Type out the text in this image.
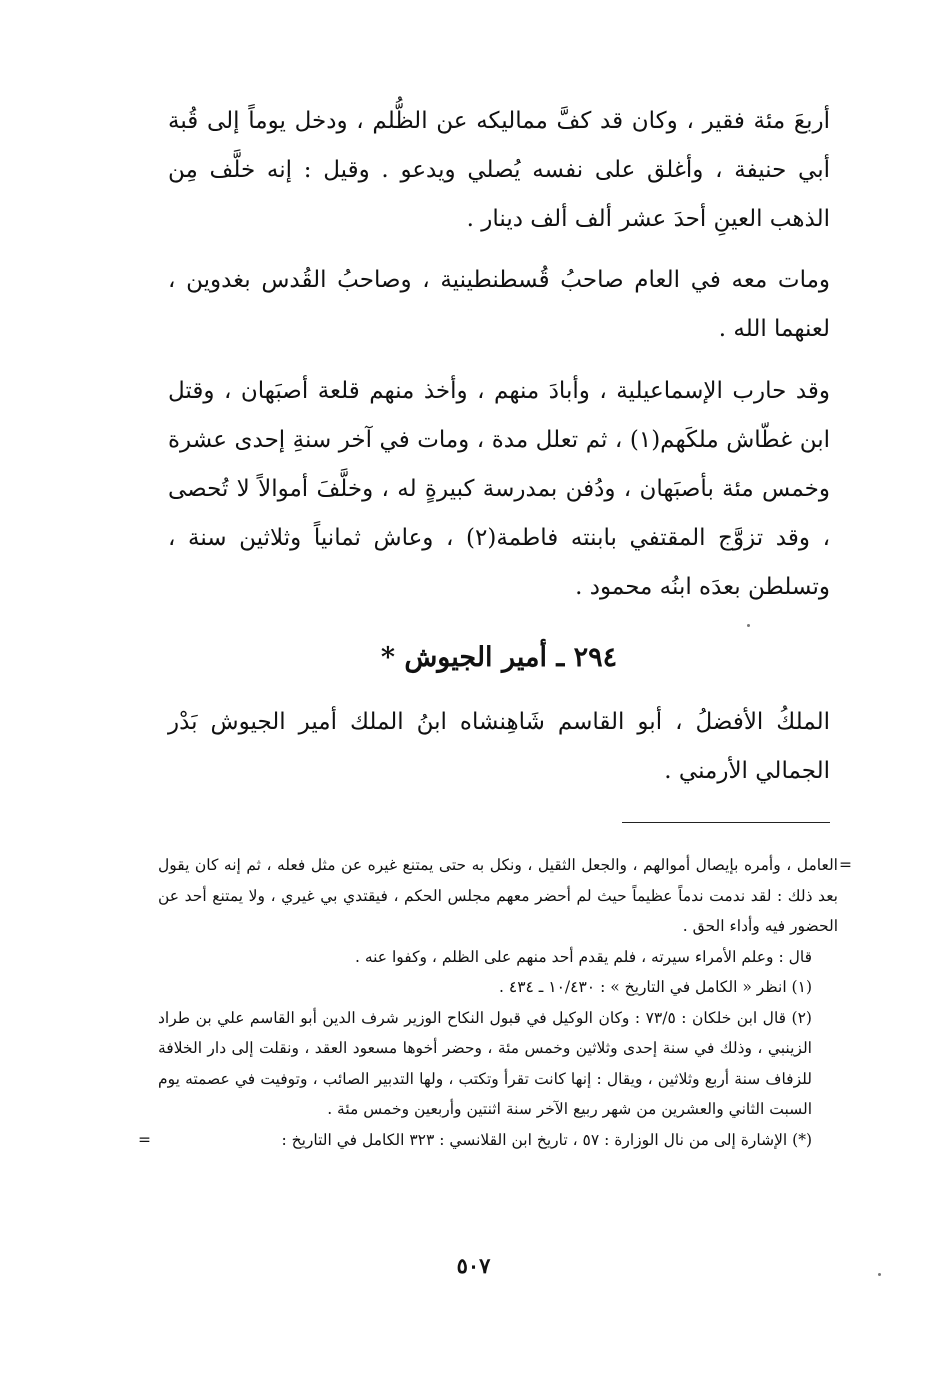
أربعَ مئة فقير ، وكان قد كفَّ مماليكه عن الظُّلم ، ودخل يوماً إلى قُبة أبي حنيفة ، وأغلق على نفسه يُصلي ويدعو . وقيل : إنه خلَّف مِن الذهب العينِ أحدَ عشر ألف ألف دينار .

ومات معه في العام صاحبُ قُسطنطينية ، وصاحبُ القُدس بغدوين ، لعنهما الله .

وقد حارب الإسماعيلية ، وأبادَ منهم ، وأخذ منهم قلعة أصبَهان ، وقتل ابن غطّاش ملكَهم(١) ، ثم تعلل مدة ، ومات في آخر سنةِ إحدى عشرة وخمس مئة بأصبَهان ، ودُفن بمدرسة كبيرةٍ له ، وخلَّفَ أموالاً لا تُحصى ، وقد تزوَّج المقتفي بابنته فاطمة(٢) ، وعاش ثمانياً وثلاثين سنة ، وتسلطن بعدَه ابنُه محمود .

٢٩٤ ـ أمير الجيوش *

الملكُ الأفضلُ ، أبو القاسم شَاهِنشاه ابنُ الملك أمير الجيوش بَدْر الجمالي الأرمني .

=
العامل ، وأمره بإيصال أموالهم ، والجعل الثقيل ، ونكل به حتى يمتنع غيره عن مثل فعله ، ثم إنه كان يقول بعد ذلك : لقد ندمت ندماً عظيماً حيث لم أحضر معهم مجلس الحكم ، فيقتدي بي غيري ، ولا يمتنع أحد عن الحضور فيه وأداء الحق .

قال : وعلم الأمراء سيرته ، فلم يقدم أحد منهم على الظلم ، وكفوا عنه .

(١) انظر « الكامل في التاريخ » : ١٠/٤٣٠ ـ ٤٣٤ .

(٢) قال ابن خلكان : ٧٣/٥ : وكان الوكيل في قبول النكاح الوزير شرف الدين أبو القاسم علي بن طراد الزينبي ، وذلك في سنة إحدى وثلاثين وخمس مئة ، وحضر أخوها مسعود العقد ، ونقلت إلى دار الخلافة للزفاف سنة أربع وثلاثين ، ويقال : إنها كانت تقرأ وتكتب ، ولها التدبير الصائب ، وتوفيت في عصمته يوم السبت الثاني والعشرين من شهر ربيع الآخر سنة اثنتين وأربعين وخمس مئة .

(*) الإشارة إلى من نال الوزارة : ٥٧ ، تاريخ ابن القلانسي : ٣٢٣ الكامل في التاريخ :
=

٥٠٧
